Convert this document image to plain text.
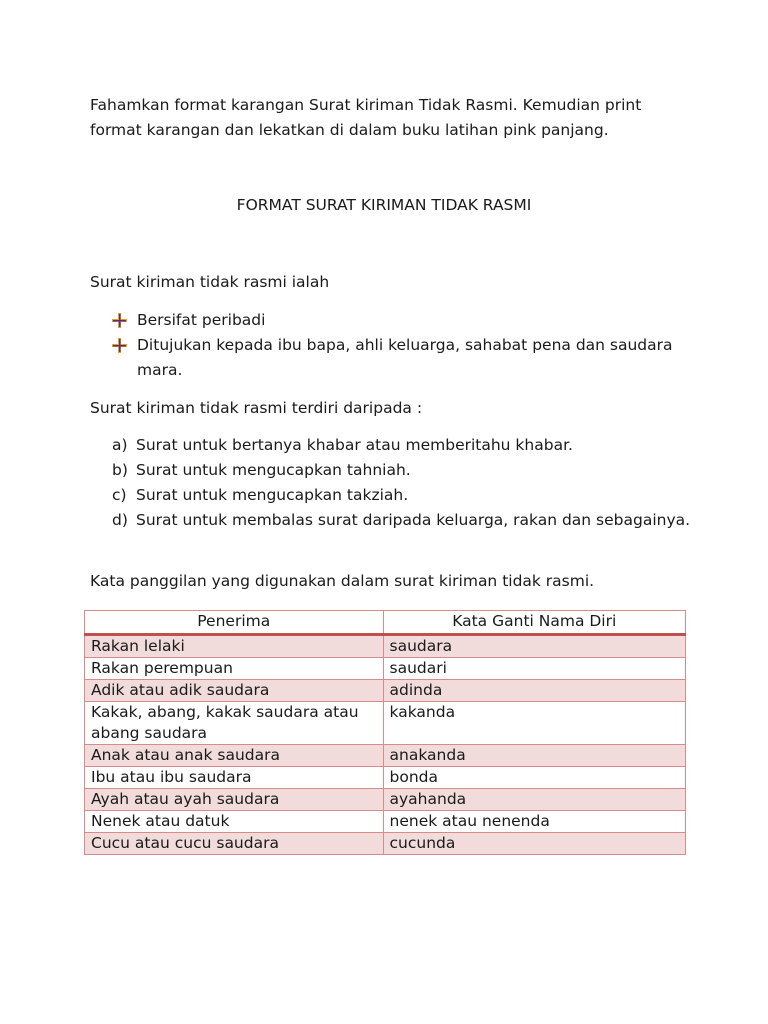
Fahamkan format karangan Surat kiriman Tidak Rasmi. Kemudian print format karangan dan lekatkan di dalam buku latihan pink panjang.
FORMAT SURAT KIRIMAN TIDAK RASMI
Surat kiriman tidak rasmi ialah
Bersifat peribadi
Ditujukan kepada ibu bapa, ahli keluarga, sahabat pena dan saudara mara.
Surat kiriman tidak rasmi terdiri daripada :
a) Surat untuk bertanya khabar atau memberitahu khabar.
b) Surat untuk mengucapkan tahniah.
c) Surat untuk mengucapkan takziah.
d) Surat untuk membalas surat daripada keluarga, rakan dan sebagainya.
Kata panggilan yang digunakan dalam surat kiriman tidak rasmi.
Penerima	Kata Ganti Nama Diri
Rakan lelaki	saudara
Rakan perempuan	saudari
Adik atau adik saudara	adinda
Kakak, abang, kakak saudara atau abang saudara	kakanda
Anak atau anak saudara	anakanda
Ibu atau ibu saudara	bonda
Ayah atau ayah saudara	ayahanda
Nenek atau datuk	nenek atau nenenda
Cucu atau cucu saudara	cucunda
